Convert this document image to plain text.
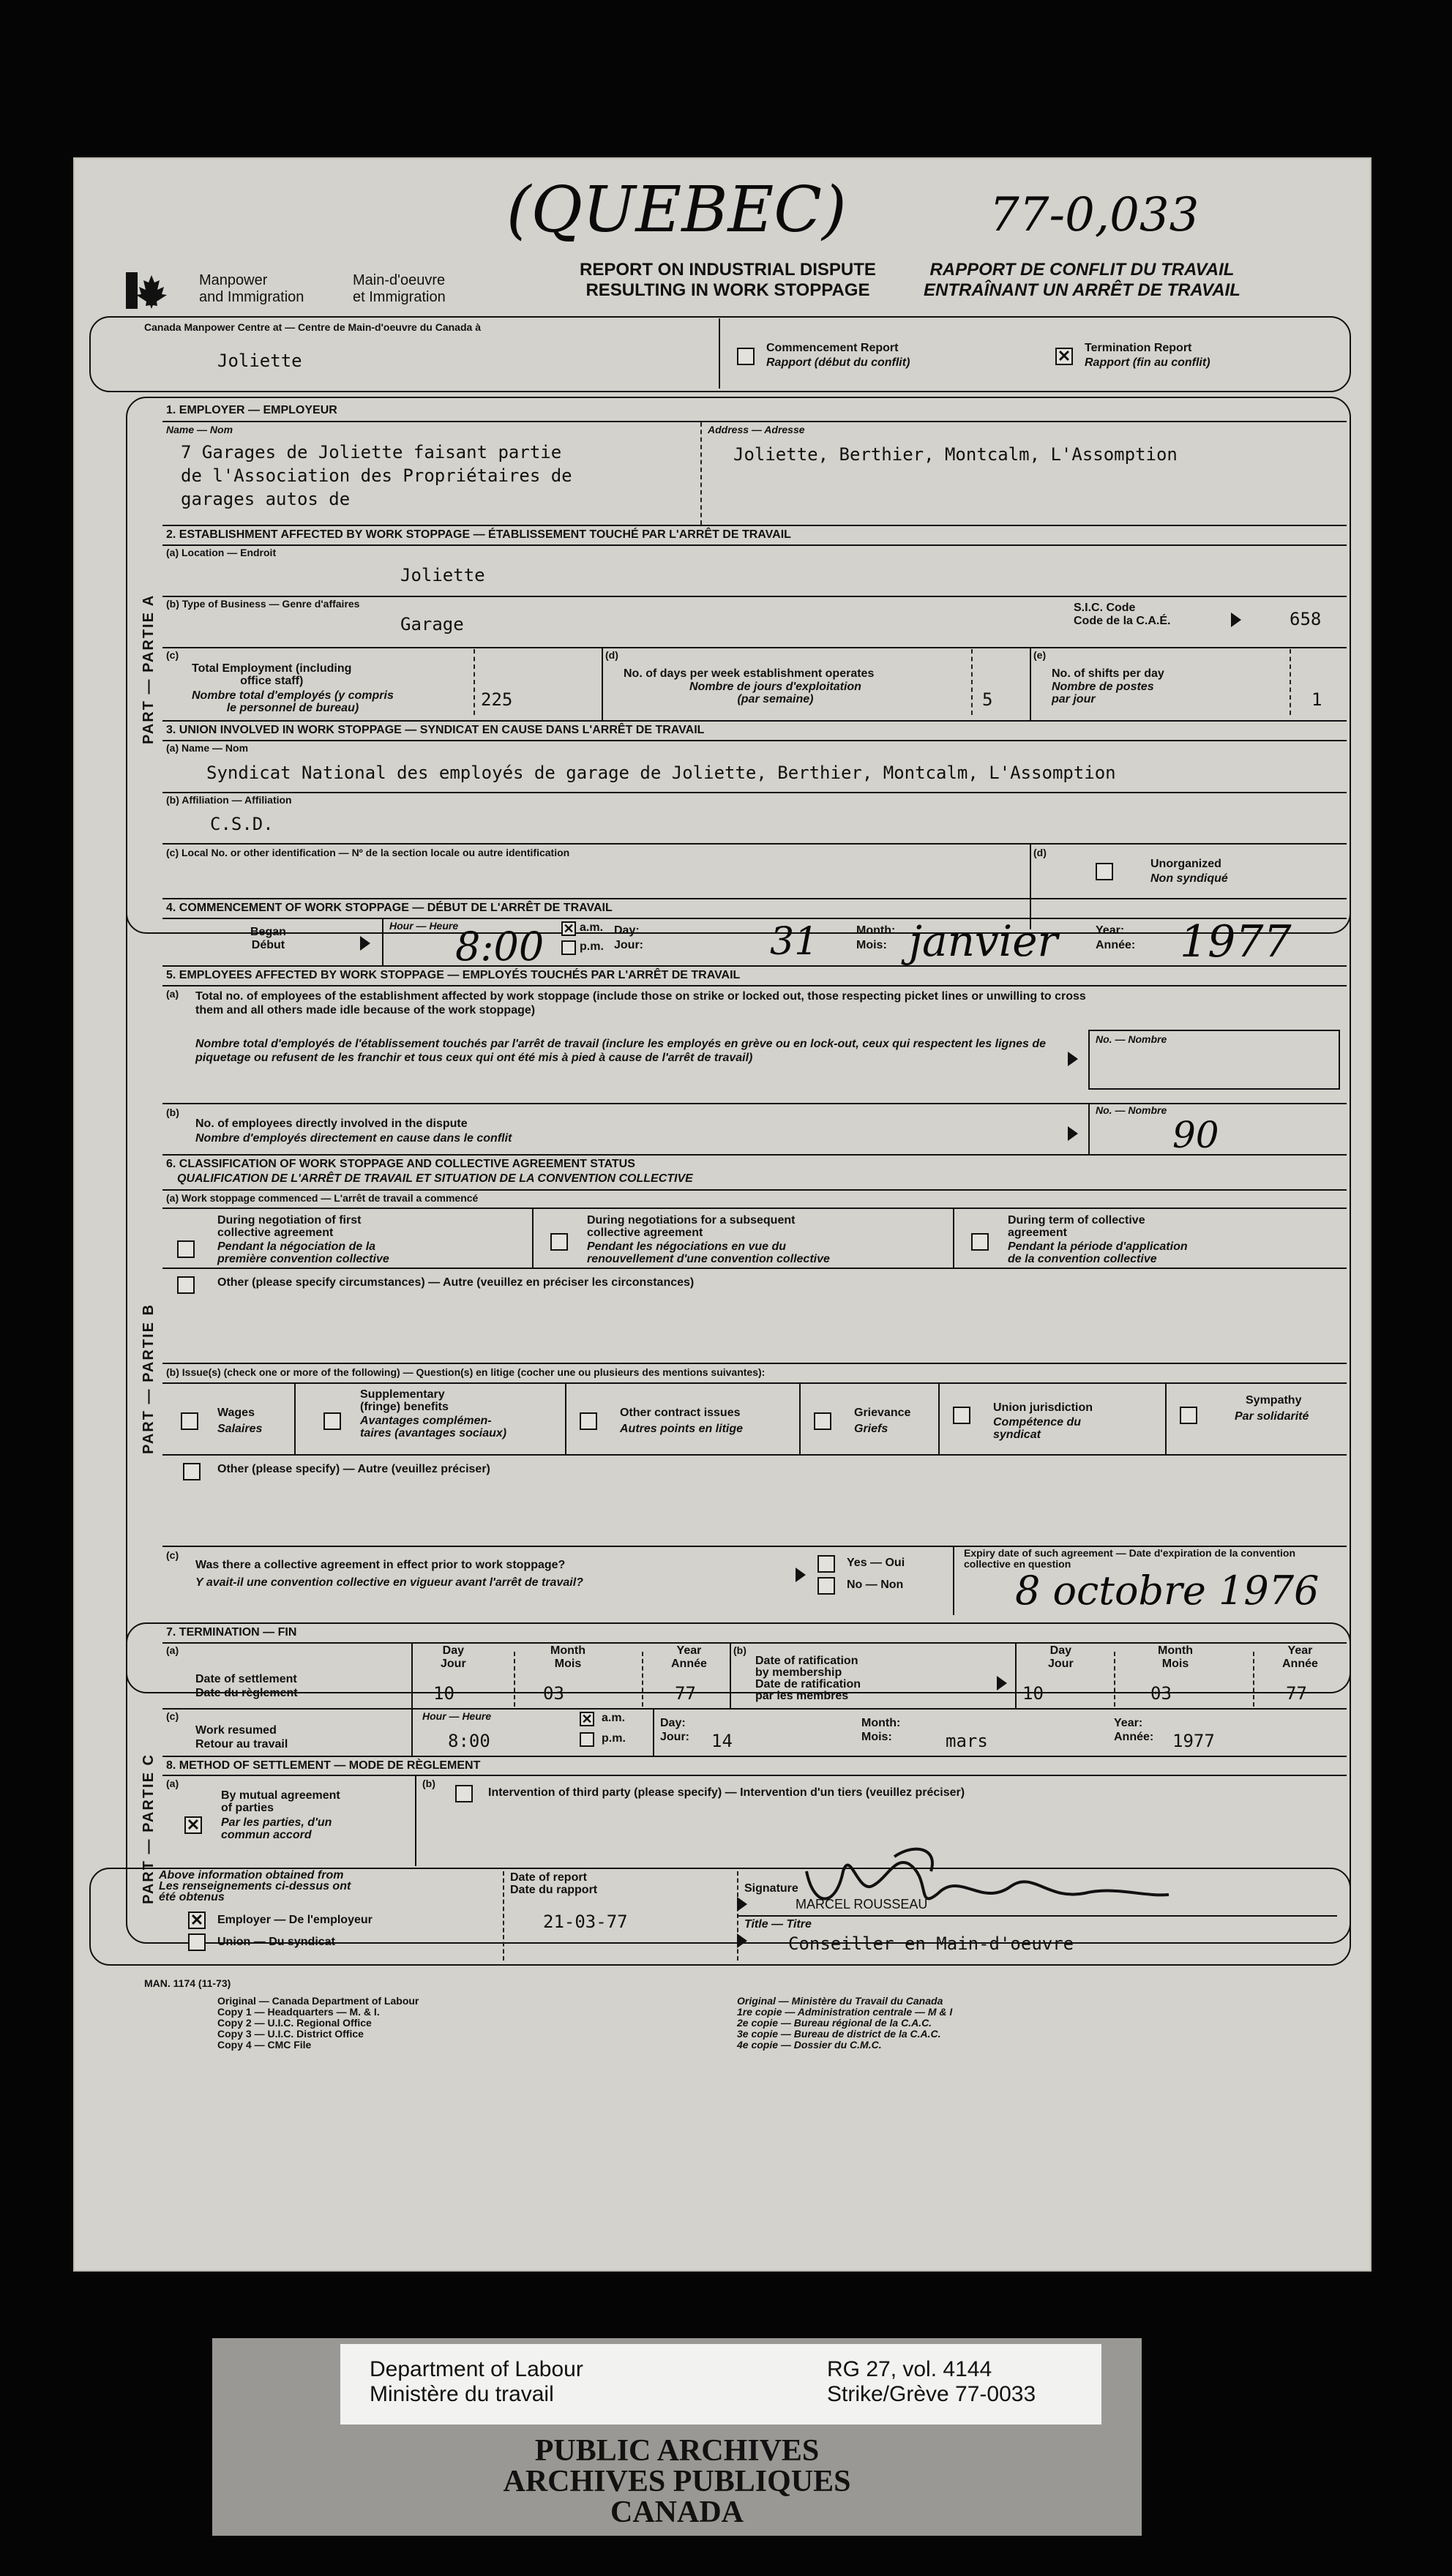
(QUEBEC)	77-0,033
Manpower
and Immigration
Main-d'oeuvre
et Immigration
REPORT ON INDUSTRIAL DISPUTE
RESULTING IN WORK STOPPAGE
RAPPORT DE CONFLIT DU TRAVAIL
ENTRAÎNANT UN ARRÊT DE TRAVAIL
Canada Manpower Centre at — Centre de Main-d'oeuvre du Canada à
Joliette
Commencement Report
Rapport (début du conflit)	✕ Termination Report
Rapport (fin au conflit)
PART — PARTIE A
1. EMPLOYER — EMPLOYEUR
Name — Nom
7 Garages de Joliette faisant partie
de l'Association des Propriétaires de
garages autos de
Address — Adresse
Joliette, Berthier, Montcalm, L'Assomption
2. ESTABLISHMENT AFFECTED BY WORK STOPPAGE — ÉTABLISSEMENT TOUCHÉ PAR L'ARRÊT DE TRAVAIL
(a) Location — Endroit
Joliette
(b) Type of Business — Genre d'affaires
Garage
S.I.C. Code
Code de la C.A.É.	658
(c)
Total Employment (including
office staff)
Nombre total d'employés (y compris
le personnel de bureau)	225
(d)
No. of days per week establishment operates
Nombre de jours d'exploitation
(par semaine)	5
(e)
No. of shifts per day
Nombre de postes
par jour	1
3. UNION INVOLVED IN WORK STOPPAGE — SYNDICAT EN CAUSE DANS L'ARRÊT DE TRAVAIL
(a) Name — Nom
Syndicat National des employés de garage de Joliette, Berthier, Montcalm, L'Assomption
(b) Affiliation — Affiliation
C.S.D.
(c) Local No. or other identification — Nº de la section locale ou autre identification	(d)
Unorganized
Non syndiqué
PART — PARTIE B
4. COMMENCEMENT OF WORK STOPPAGE — DÉBUT DE L'ARRÊT DE TRAVAIL
Began
Début
Hour — Heure
8:00 ✕ a.m.
p.m.
Day:
Jour:	31	Month:
Mois: janvier	Year:
Année: 1977
5. EMPLOYEES AFFECTED BY WORK STOPPAGE — EMPLOYÉS TOUCHÉS PAR L'ARRÊT DE TRAVAIL
(a) Total no. of employees of the establishment affected by work stoppage (include those on strike or locked out, those respecting picket lines or unwilling to cross them and all others made idle because of the work stoppage)
Nombre total d'employés de l'établissement touchés par l'arrêt de travail (inclure les employés en grève ou en lock-out, ceux qui respectent les lignes de piquetage ou refusent de les franchir et tous ceux qui ont été mis à pied à cause de l'arrêt de travail)
No. — Nombre
(b)
No. of employees directly involved in the dispute
Nombre d'employés directement en cause dans le conflit
No. — Nombre
90
6. CLASSIFICATION OF WORK STOPPAGE AND COLLECTIVE AGREEMENT STATUS
QUALIFICATION DE L'ARRÊT DE TRAVAIL ET SITUATION DE LA CONVENTION COLLECTIVE
(a) Work stoppage commenced — L'arrêt de travail a commencé
During negotiation of first
collective agreement
Pendant la négociation de la
première convention collective
During negotiations for a subsequent
collective agreement
Pendant les négociations en vue du
renouvellement d'une convention collective
During term of collective
agreement
Pendant la période d'application
de la convention collective
Other (please specify circumstances) — Autre (veuillez en préciser les circonstances)
(b) Issue(s) (check one or more of the following) — Question(s) en litige (cocher une ou plusieurs des mentions suivantes):
Wages
Salaires
Supplementary
(fringe) benefits
Avantages complémen-
taires (avantages sociaux)
Other contract issues
Autres points en litige
Grievance
Griefs
Union jurisdiction
Compétence du
syndicat
Sympathy
Par solidarité
Other (please specify) — Autre (veuillez préciser)
(c)
Was there a collective agreement in effect prior to work stoppage?
Y avait-il une convention collective en vigueur avant l'arrêt de travail?
Yes — Oui
No — Non
Expiry date of such agreement — Date d'expiration de la convention collective en question
8 octobre 1976
PART — PARTIE C
7. TERMINATION — FIN
(a)
Date of settlement
Date du règlement
Day
Jour
10
Month
Mois
03
Year
Année
77
(b)
Date of ratification
by membership
Date de ratification
par les membres
Day
Jour
10
Month
Mois
03
Year
Année
77
(c)
Work resumed
Retour au travail
Hour — Heure
8:00
✕ a.m.
p.m.
Day:
Jour: 14
Month:
Mois:	mars
Year:
Année: 1977
8. METHOD OF SETTLEMENT — MODE DE RÈGLEMENT
(a)
✕
By mutual agreement
of parties
Par les parties, d'un
commun accord
(b)
Intervention of third party (please specify) — Intervention d'un tiers (veuillez préciser)
Above information obtained from
Les renseignements ci-dessus ont
été obtenus
✕ Employer — De l'employeur
Union — Du syndicat
Date of report
Date du rapport
21-03-77
Signature
MARCEL ROUSSEAU
Title — Titre
Conseiller en Main-d'oeuvre
MAN. 1174 (11-73)
Original — Canada Department of Labour
Copy 1 — Headquarters — M. & I.
Copy 2 — U.I.C. Regional Office
Copy 3 — U.I.C. District Office
Copy 4 — CMC File
Original — Ministère du Travail du Canada
1re copie — Administration centrale — M & I
2e copie — Bureau régional de la C.A.C.
3e copie — Bureau de district de la C.A.C.
4e copie — Dossier du C.M.C.
Department of Labour
Ministère du travail
RG 27, vol. 4144
Strike/Grève 77-0033
PUBLIC ARCHIVES
ARCHIVES PUBLIQUES
CANADA
